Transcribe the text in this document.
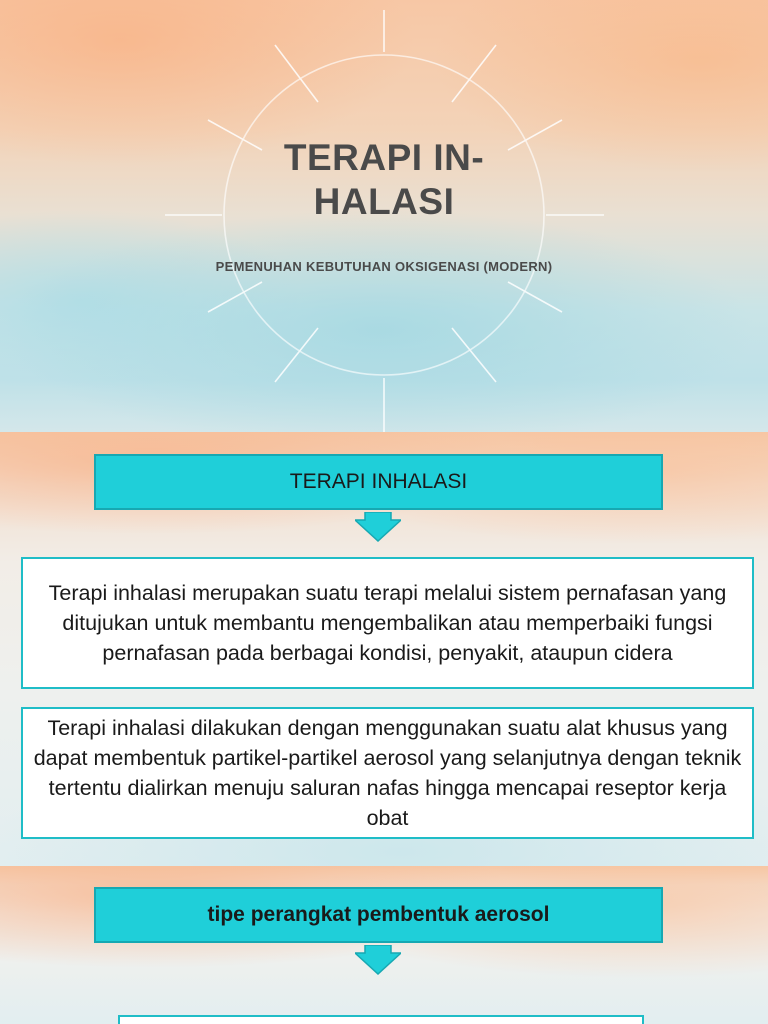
TERAPI IN-HALASI
PEMENUHAN KEBUTUHAN OKSIGENASI (MODERN)
TERAPI INHALASI
Terapi inhalasi merupakan suatu terapi melalui sistem pernafasan yang ditujukan untuk membantu mengembalikan atau memperbaiki fungsi pernafasan pada berbagai kondisi, penyakit, ataupun cidera
Terapi inhalasi dilakukan dengan menggunakan suatu alat khusus yang dapat membentuk partikel-partikel aerosol yang selanjutnya dengan teknik tertentu dialirkan menuju saluran nafas hingga mencapai reseptor kerja obat
tipe perangkat pembentuk aerosol
